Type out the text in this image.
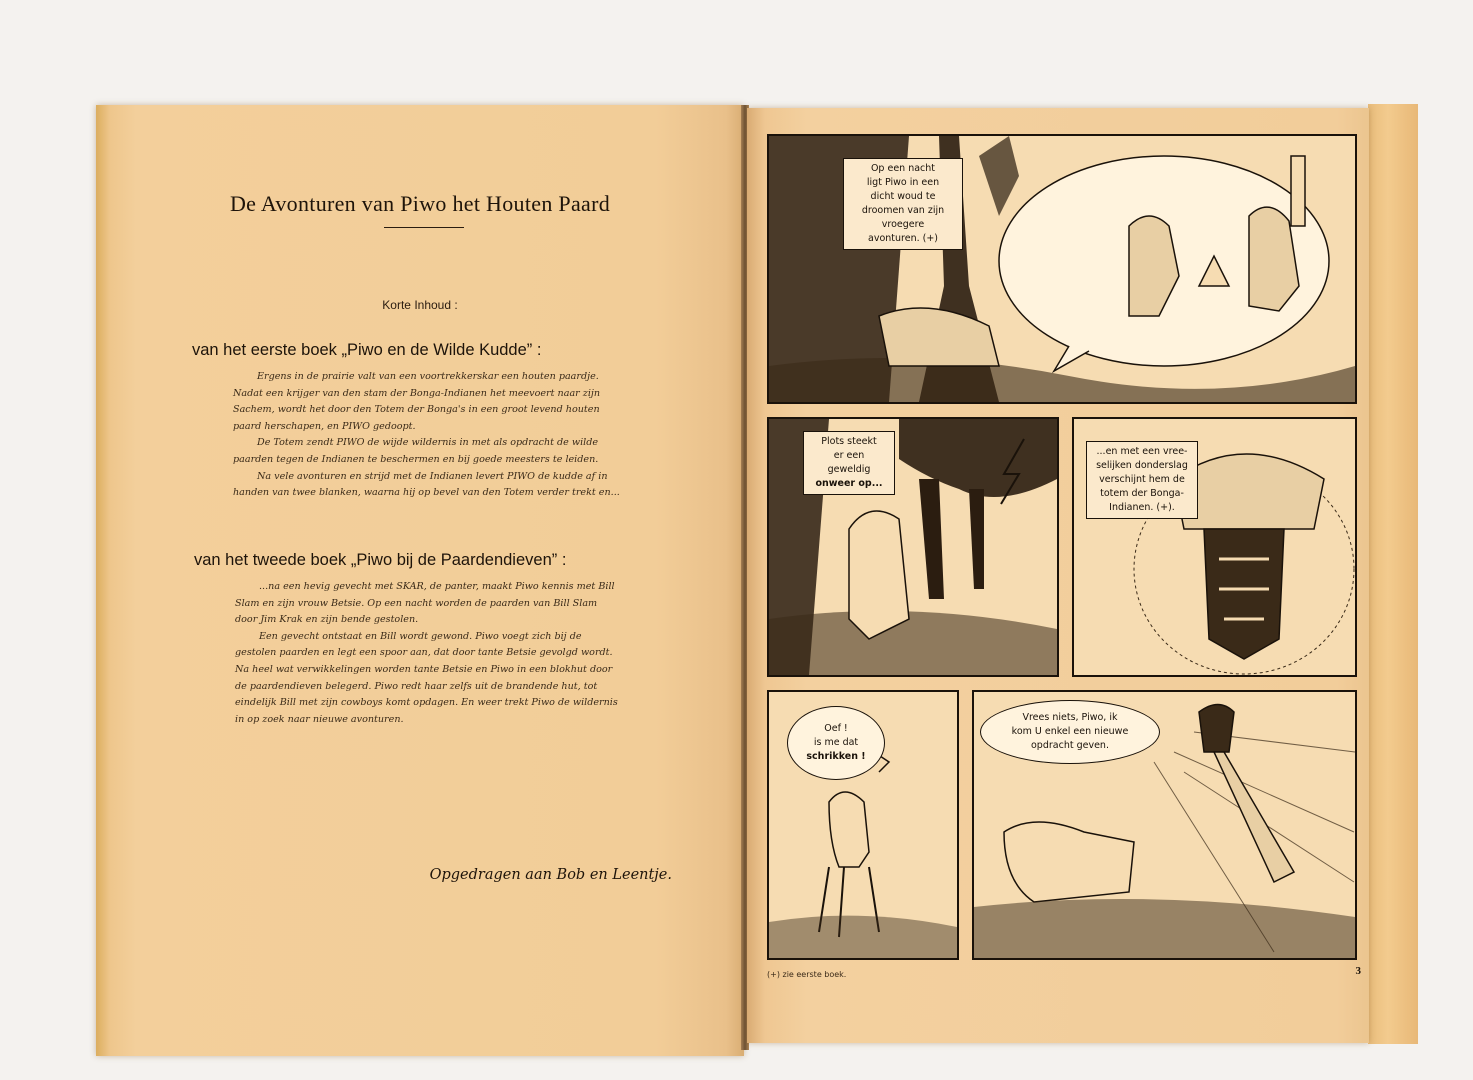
De Avonturen van Piwo het Houten Paard
Korte Inhoud :
van het eerste boek „Piwo en de Wilde Kudde” :

Ergens in de prairie valt van een voortrekkerskar een houten paardje. Nadat een krijger van den stam der Bonga-Indianen het meevoert naar zijn Sachem, wordt het door den Totem der Bonga's in een groot levend houten paard herschapen, en PIWO gedoopt.

De Totem zendt PIWO de wijde wildernis in met als opdracht de wilde paarden tegen de Indianen te beschermen en bij goede meesters te leiden.

Na vele avonturen en strijd met de Indianen levert PIWO de kudde af in handen van twee blanken, waarna hij op bevel van den Totem verder trekt en...

van het tweede boek „Piwo bij de Paardendieven” :

...na een hevig gevecht met SKAR, de panter, maakt Piwo kennis met Bill Slam en zijn vrouw Betsie. Op een nacht worden de paarden van Bill Slam door Jim Krak en zijn bende gestolen.

Een gevecht ontstaat en Bill wordt gewond. Piwo voegt zich bij de gestolen paarden en legt een spoor aan, dat door tante Betsie gevolgd wordt. Na heel wat verwikkelingen worden tante Betsie en Piwo in een blokhut door de paardendieven belegerd. Piwo redt haar zelfs uit de brandende hut, tot eindelijk Bill met zijn cowboys komt opdagen. En weer trekt Piwo de wildernis in op zoek naar nieuwe avonturen.

Opgedragen aan Bob en Leentje.
Op een nacht
ligt Piwo in een
dicht woud te
droomen van zijn
vroegere
avonturen. (+)
Plots steekt
er een
geweldig
onweer op...
...en met een vree-
selijken donderslag
verschijnt hem de
totem der Bonga-
Indianen. (+).
Oef !
is me dat
schrikken !
Vrees niets, Piwo, ik
kom U enkel een nieuwe
opdracht geven.
(+) zie eerste boek.	3
